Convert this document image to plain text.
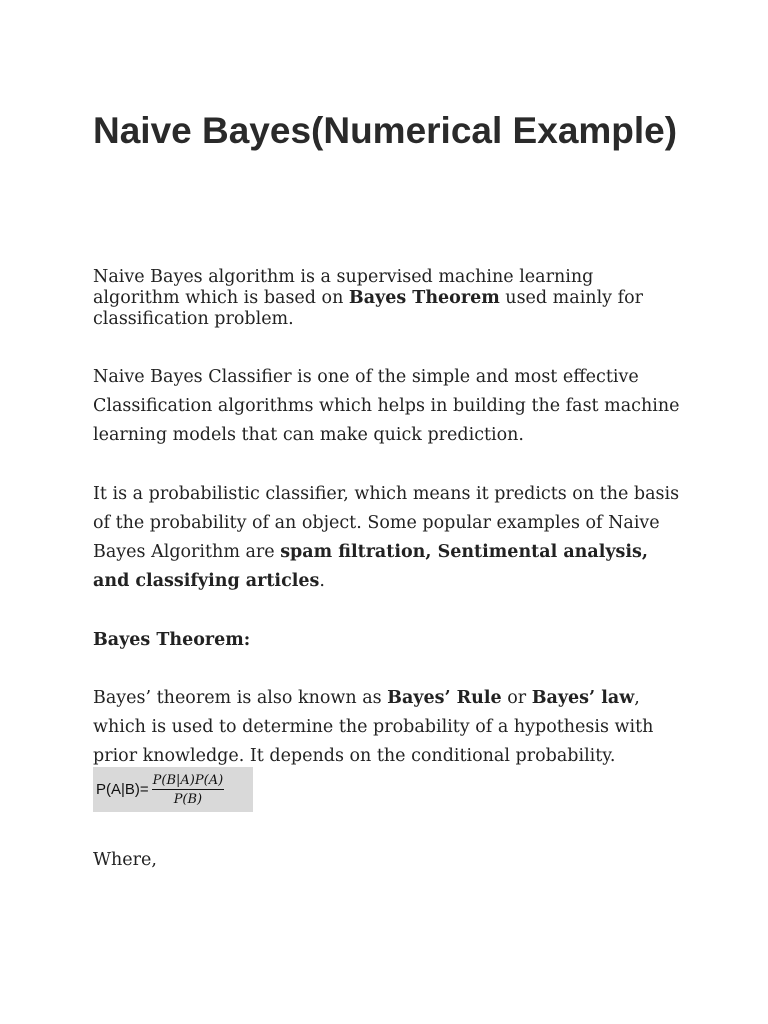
Naive Bayes(Numerical Example)

Naive Bayes algorithm is a supervised machine learning algorithm which is based on Bayes Theorem used mainly for classification problem.

Naive Bayes Classifier is one of the simple and most effective Classification algorithms which helps in building the fast machine learning models that can make quick prediction.

It is a probabilistic classifier, which means it predicts on the basis of the probability of an object. Some popular examples of Naive Bayes Algorithm are spam filtration, Sentimental analysis, and classifying articles.

Bayes Theorem:

Bayes’ theorem is also known as Bayes’ Rule or Bayes’ law, which is used to determine the probability of a hypothesis with prior knowledge. It depends on the conditional probability.

$P(A|B)= \frac{P(B|A)P(A)}{P(B)}$

Where,
